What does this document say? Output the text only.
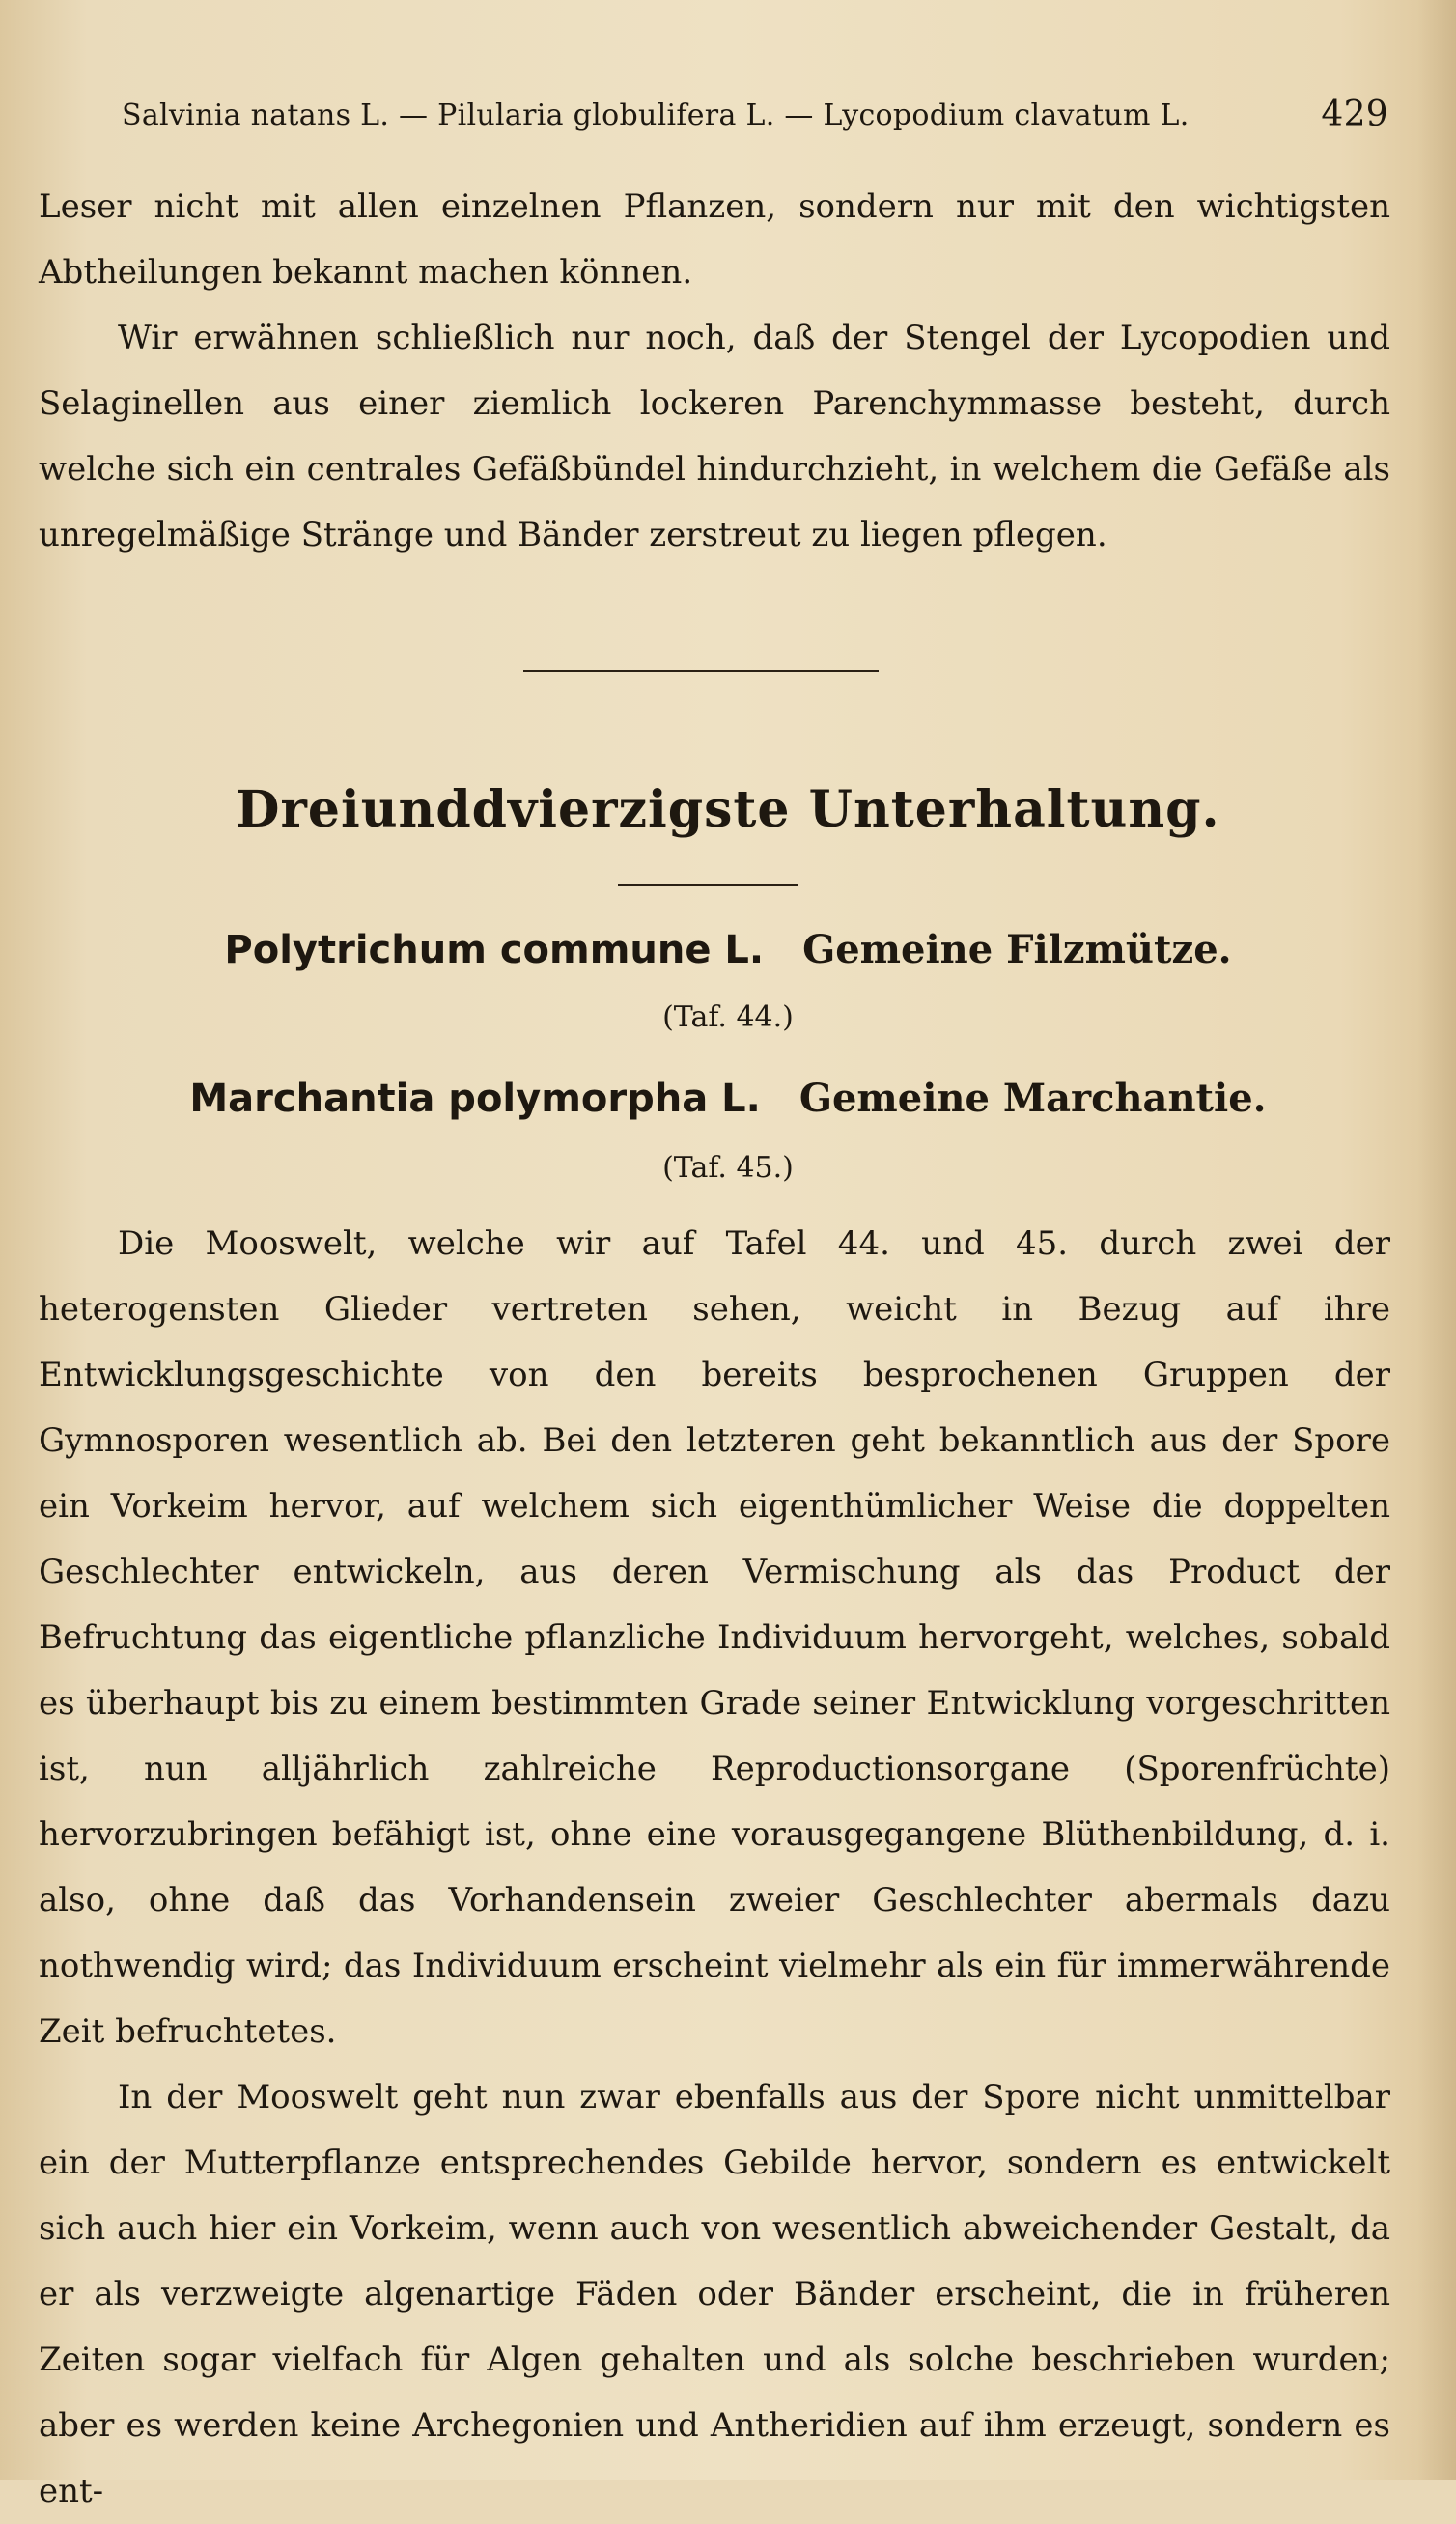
Salvinia natans L. — Pilularia globulifera L. — Lycopodium clavatum L.	429

Leser nicht mit allen einzelnen Pflanzen, sondern nur mit den wichtigsten Abtheilungen bekannt machen können.

Wir erwähnen schließlich nur noch, daß der Stengel der Lycopodien und Selaginellen aus einer ziemlich lockeren Parenchymmasse besteht, durch welche sich ein centrales Gefäßbündel hindurchzieht, in welchem die Gefäße als unregelmäßige Stränge und Bänder zerstreut zu liegen pflegen.

Dreiunddvierzigste Unterhaltung.
Polytrichum commune L. Gemeine Filzmütze.
(Taf. 44.)
Marchantia polymorpha L. Gemeine Marchantie.
(Taf. 45.)

Die Mooswelt, welche wir auf Tafel 44. und 45. durch zwei der heterogensten Glieder vertreten sehen, weicht in Bezug auf ihre Entwicklungsgeschichte von den bereits besprochenen Gruppen der Gymnosporen wesentlich ab. Bei den letzteren geht bekanntlich aus der Spore ein Vorkeim hervor, auf welchem sich eigenthümlicher Weise die doppelten Geschlechter entwickeln, aus deren Vermischung als das Product der Befruchtung das eigentliche pflanzliche Individuum hervorgeht, welches, sobald es überhaupt bis zu einem bestimmten Grade seiner Entwicklung vorgeschritten ist, nun alljährlich zahlreiche Reproductionsorgane (Sporenfrüchte) hervorzubringen befähigt ist, ohne eine vorausgegangene Blüthenbildung, d. i. also, ohne daß das Vorhandensein zweier Geschlechter abermals dazu nothwendig wird; das Individuum erscheint vielmehr als ein für immerwährende Zeit befruchtetes.

In der Mooswelt geht nun zwar ebenfalls aus der Spore nicht unmittelbar ein der Mutterpflanze entsprechendes Gebilde hervor, sondern es entwickelt sich auch hier ein Vorkeim, wenn auch von wesentlich abweichender Gestalt, da er als verzweigte algenartige Fäden oder Bänder erscheint, die in früheren Zeiten sogar vielfach für Algen gehalten und als solche beschrieben wurden; aber es werden keine Archegonien und Antheridien auf ihm erzeugt, sondern es ent-
